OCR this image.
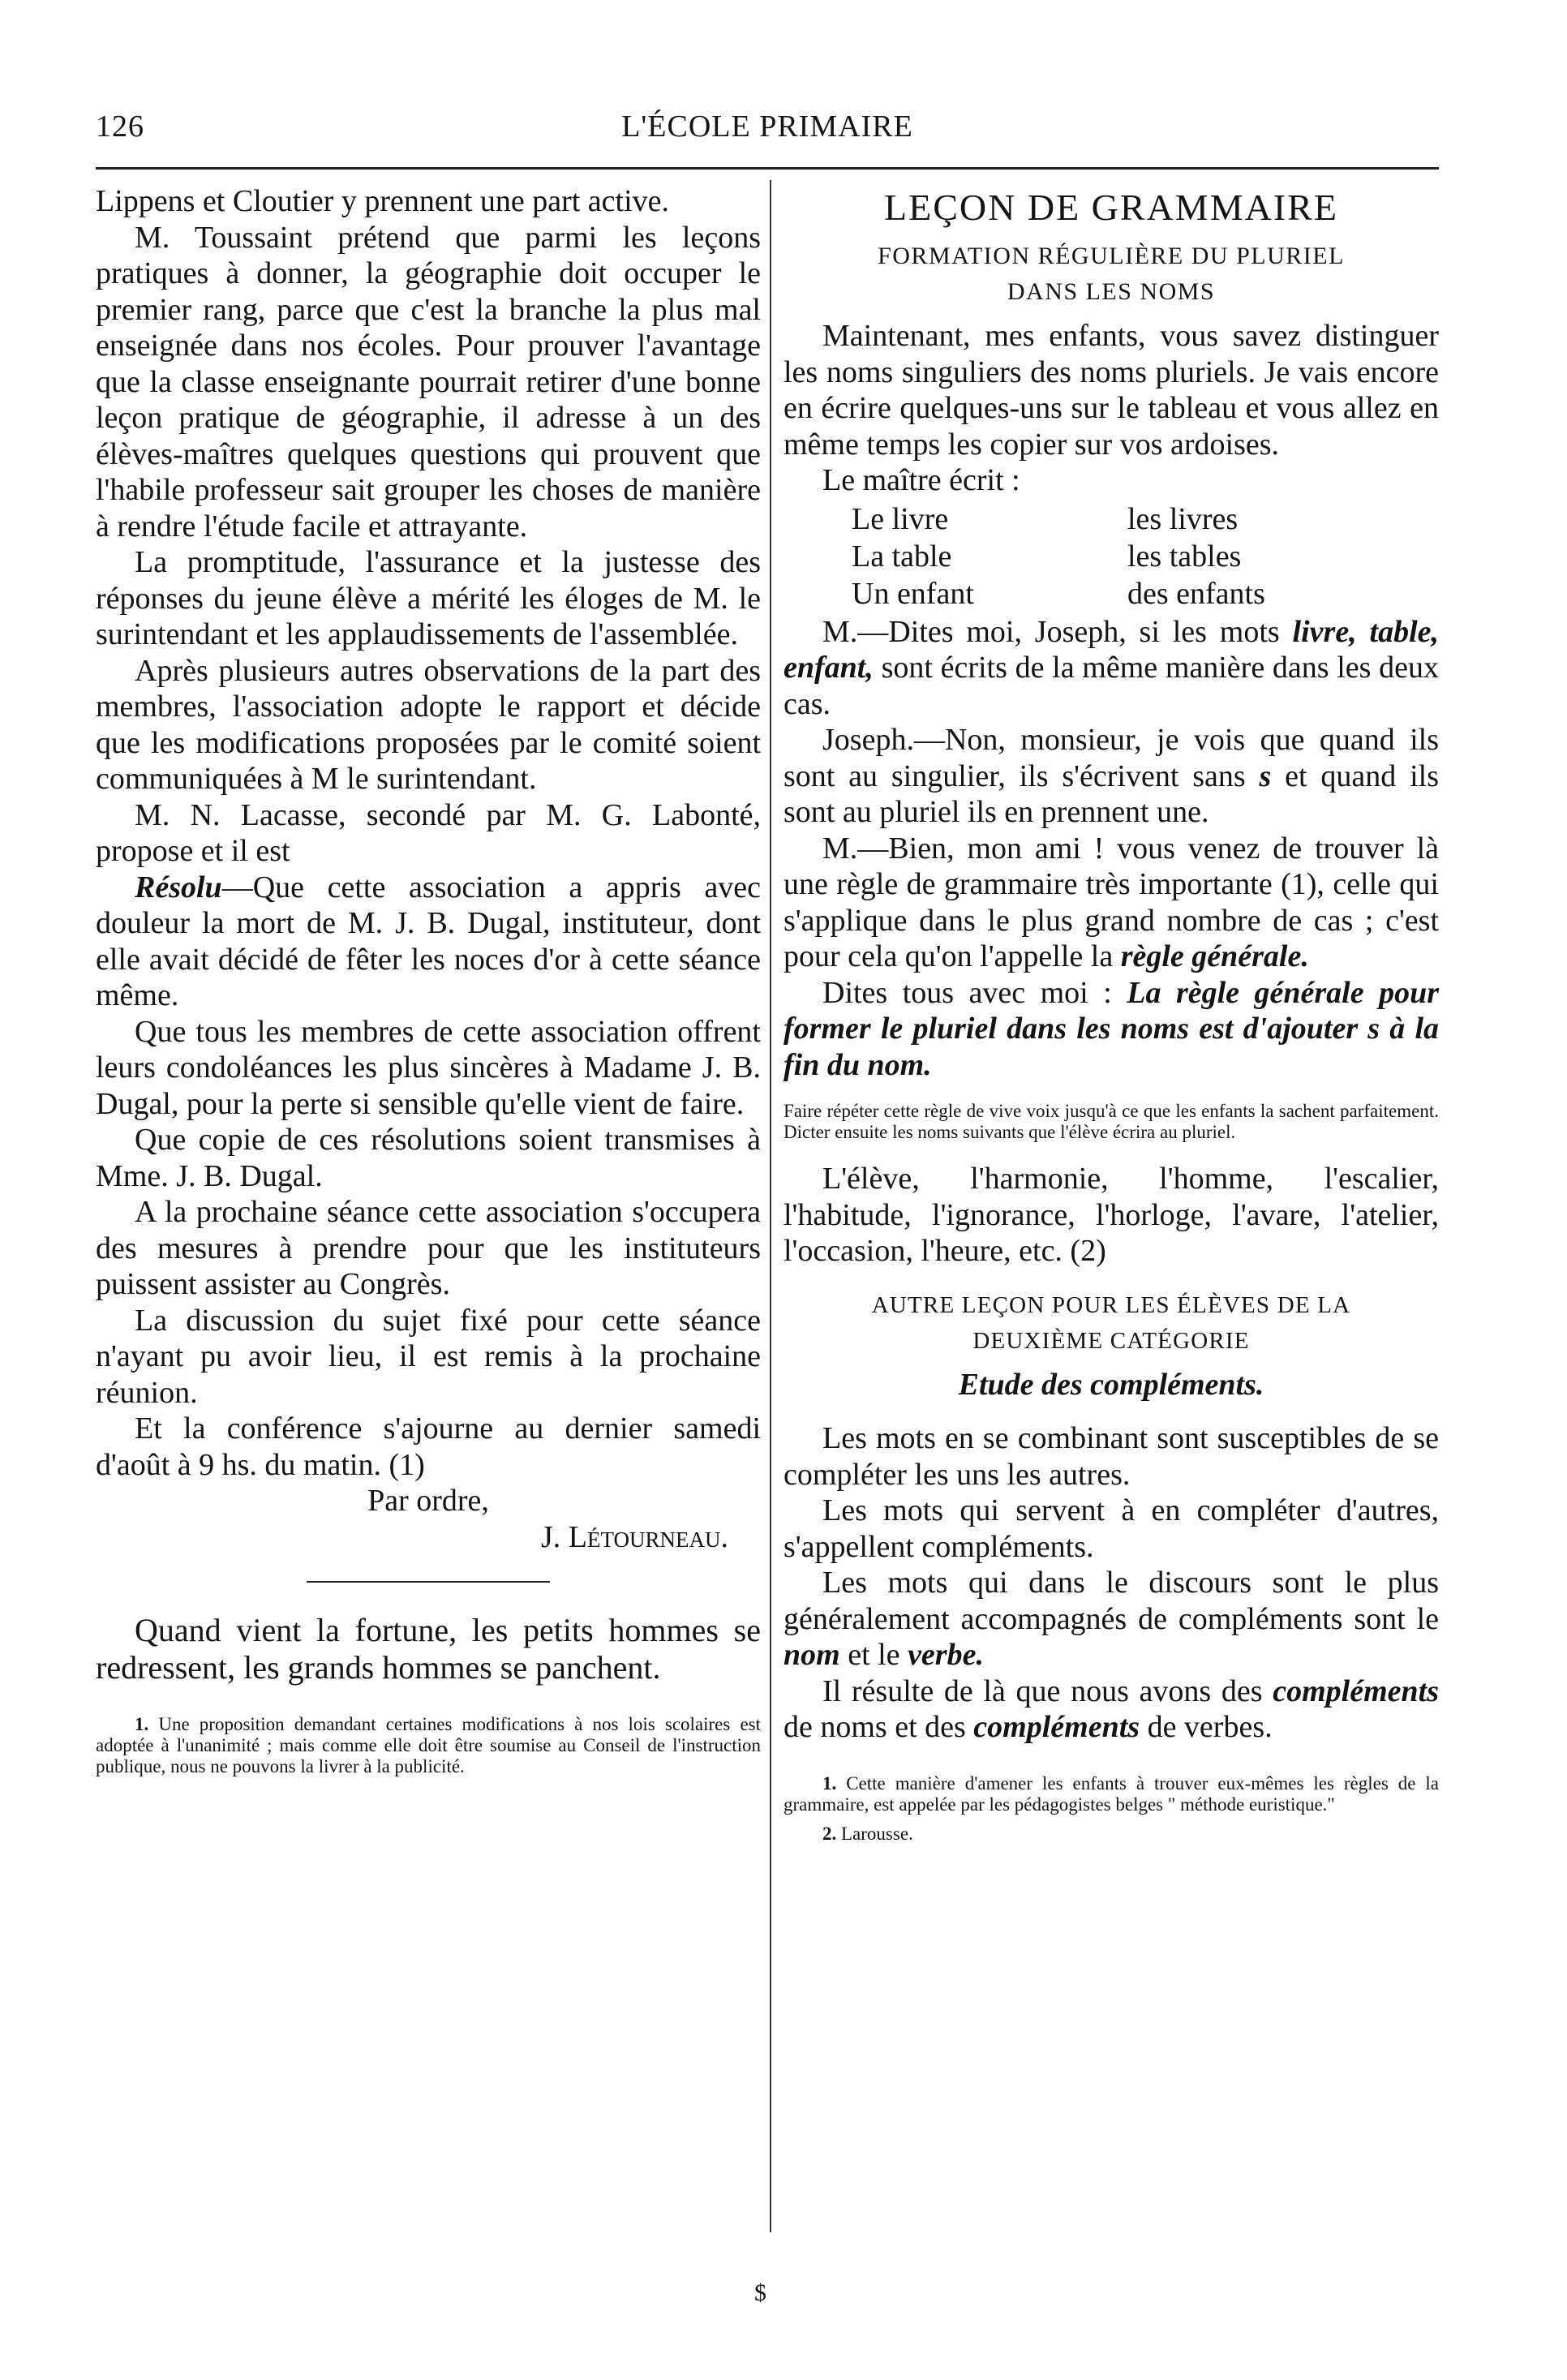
126	L'ÉCOLE PRIMAIRE

Lippens et Cloutier y prennent une part active.

M. Toussaint prétend que parmi les leçons pratiques à donner, la géographie doit occuper le premier rang, parce que c'est la branche la plus mal enseignée dans nos écoles. Pour prouver l'avantage que la classe enseignante pourrait retirer d'une bonne leçon pratique de géographie, il adresse à un des élèves-maîtres quelques questions qui prouvent que l'habile professeur sait grouper les choses de manière à rendre l'étude facile et attrayante.

La promptitude, l'assurance et la justesse des réponses du jeune élève a mérité les éloges de M. le surintendant et les applaudissements de l'assemblée.

Après plusieurs autres observations de la part des membres, l'association adopte le rapport et décide que les modifications proposées par le comité soient communiquées à M le surintendant.

M. N. Lacasse, secondé par M. G. Labonté, propose et il est

Résolu—Que cette association a appris avec douleur la mort de M. J. B. Dugal, instituteur, dont elle avait décidé de fêter les noces d'or à cette séance même.

Que tous les membres de cette association offrent leurs condoléances les plus sincères à Madame J. B. Dugal, pour la perte si sensible qu'elle vient de faire.

Que copie de ces résolutions soient transmises à Mme. J. B. Dugal.

A la prochaine séance cette association s'occupera des mesures à prendre pour que les instituteurs puissent assister au Congrès.

La discussion du sujet fixé pour cette séance n'ayant pu avoir lieu, il est remis à la prochaine réunion.

Et la conférence s'ajourne au dernier samedi d'août à 9 hs. du matin. (1)

Par ordre,

J. Létourneau.

Quand vient la fortune, les petits hommes se redressent, les grands hommes se panchent.

1. Une proposition demandant certaines modifications à nos lois scolaires est adoptée à l'unanimité ; mais comme elle doit être soumise au Conseil de l'instruction publique, nous ne pouvons la livrer à la publicité.

LEÇON DE GRAMMAIRE
FORMATION RÉGULIÈRE DU PLURIEL
DANS LES NOMS

Maintenant, mes enfants, vous savez distinguer les noms singuliers des noms pluriels. Je vais encore en écrire quelques-uns sur le tableau et vous allez en même temps les copier sur vos ardoises.

Le maître écrit :

Le livre	les livres
La table	les tables
Un enfant	des enfants

M.—Dites moi, Joseph, si les mots livre, table, enfant, sont écrits de la même manière dans les deux cas.

Joseph.—Non, monsieur, je vois que quand ils sont au singulier, ils s'écrivent sans s et quand ils sont au pluriel ils en prennent une.

M.—Bien, mon ami ! vous venez de trouver là une règle de grammaire très importante (1), celle qui s'applique dans le plus grand nombre de cas ; c'est pour cela qu'on l'appelle la règle générale.

Dites tous avec moi : La règle générale pour former le pluriel dans les noms est d'ajouter s à la fin du nom.

Faire répéter cette règle de vive voix jusqu'à ce que les enfants la sachent parfaitement. Dicter ensuite les noms suivants que l'élève écrira au pluriel.

L'élève, l'harmonie, l'homme, l'escalier, l'habitude, l'ignorance, l'horloge, l'avare, l'atelier, l'occasion, l'heure, etc. (2)

AUTRE LEÇON POUR LES ÉLÈVES DE LA
DEUXIÈME CATÉGORIE

Etude des compléments.

Les mots en se combinant sont susceptibles de se compléter les uns les autres.

Les mots qui servent à en compléter d'autres, s'appellent compléments.

Les mots qui dans le discours sont le plus généralement accompagnés de compléments sont le nom et le verbe.

Il résulte de là que nous avons des compléments de noms et des compléments de verbes.

1. Cette manière d'amener les enfants à trouver eux-mêmes les règles de la grammaire, est appelée par les pédagogistes belges " méthode euristique."

2. Larousse.

$
